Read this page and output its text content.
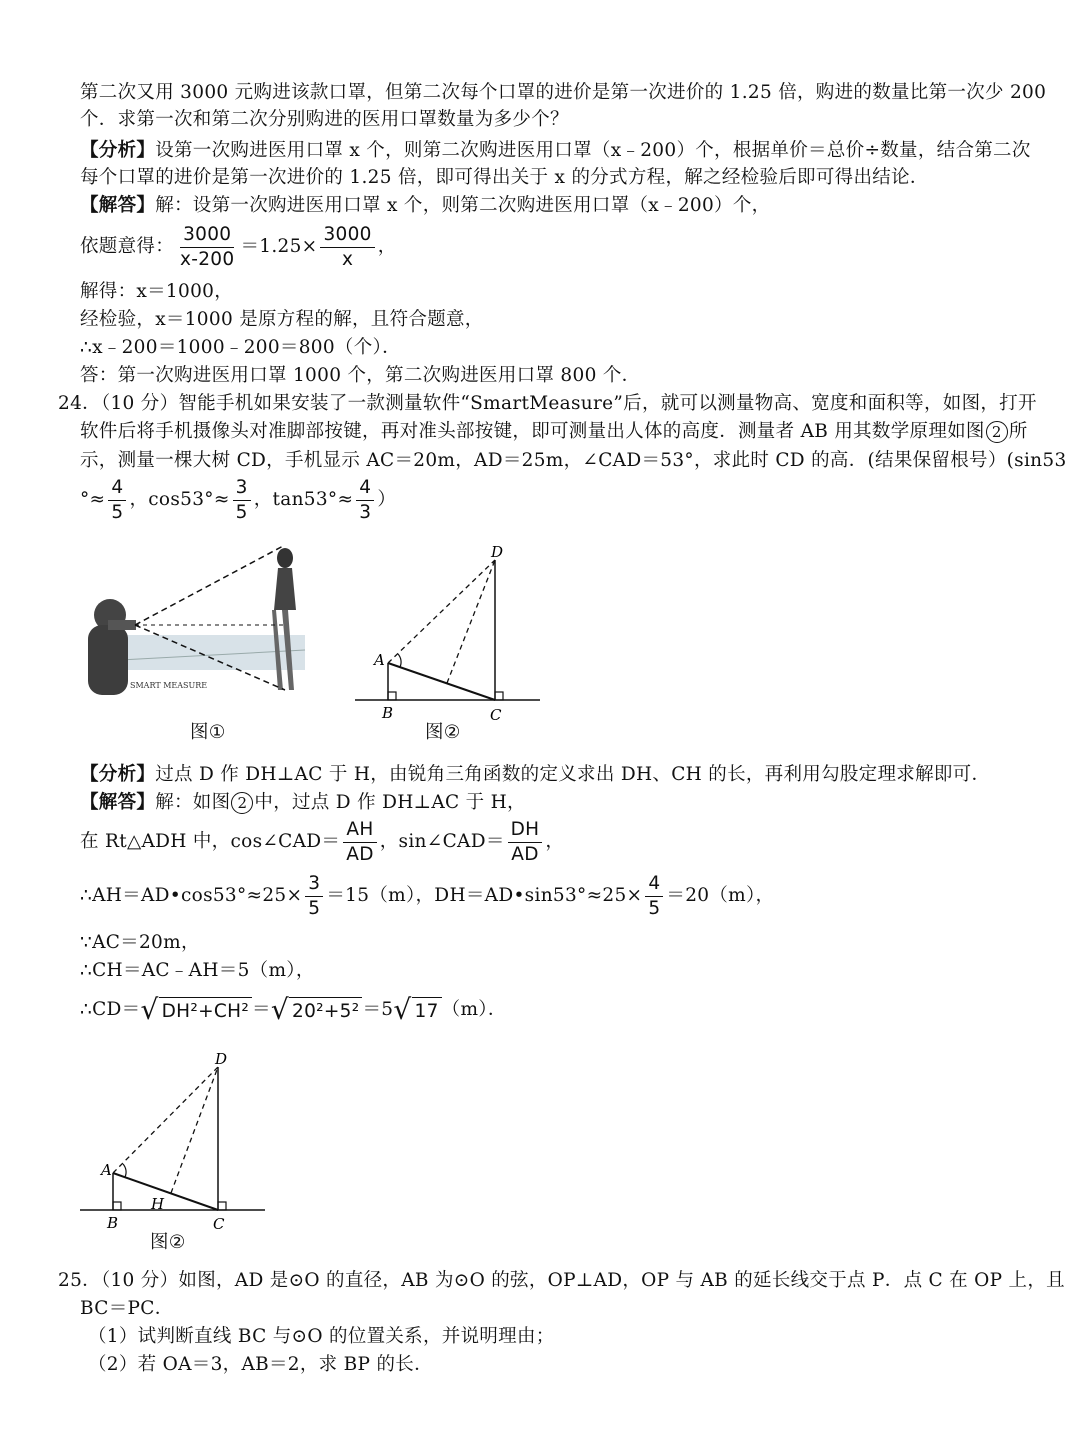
第二次又用 3000 元购进该款口罩，但第二次每个口罩的进价是第一次进价的 1.25 倍，购进的数量比第一次少 200
个．求第一次和第二次分别购进的医用口罩数量为多少个？
【分析】设第一次购进医用口罩 x 个，则第二次购进医用口罩（x﹣200）个，根据单价＝总价÷数量，结合第二次
每个口罩的进价是第一次进价的 1.25 倍，即可得出关于 x 的分式方程，解之经检验后即可得出结论．
【解答】解：设第一次购进医用口罩 x 个，则第二次购进医用口罩（x﹣200）个，
依题意得： $\frac{3000}{x-200} =1.25\times \frac{3000}{x}$ ，
解得：x＝1000，
经检验，x＝1000 是原方程的解，且符合题意，
∴x﹣200＝1000﹣200＝800（个）．
答：第一次购进医用口罩 1000 个，第二次购进医用口罩 800 个．
24．（10 分）智能手机如果安装了一款测量软件“SmartMeasure”后，就可以测量物高、宽度和面积等，如图，打开
软件后将手机摄像头对准脚部按键，再对准头部按键，即可测量出人体的高度．测量者 AB 用其数学原理如图 2 所
示，测量一棵大树 CD，手机显示 AC＝20m，AD＝25m，∠CAD＝53°，求此时 CD 的高．(结果保留根号）(sin53
°≈ $\frac{4}{5}$ ，$\cos 53^\circ\approx \frac{3}{5}$ ，$\tan 53^\circ\approx \frac{4}{3}$ ）
SMART MEASURE
图①
A
B	C
D
图②
【分析】过点 D 作 DH⊥AC 于 H，由锐角三角函数的定义求出 DH、CH 的长，再利用勾股定理求解即可．
【解答】解：如图 2 中，过点 D 作 DH⊥AC 于 H，
在 Rt△ADH 中，cos∠CAD＝ $\frac{AH}{AD}$ ，sin∠CAD＝ $\frac{DH}{AD}$ ，
∴AH＝AD•cos53°≈25× $\frac{3}{5} =15(m)$，DH＝AD•sin53°≈25× $\frac{4}{5} =20(m)$，
∵AC＝20m，
∴CH＝AC﹣AH＝5（m），
∴CD＝√ DH²+CH² ＝√ 20²+5² ＝5√ 17 （m）．
A
B
H
C
D
图②
25．（10 分）如图，AD 是⊙O 的直径，AB 为⊙O 的弦，OP⊥AD，OP 与 AB 的延长线交于点 P．点 C 在 OP 上，且
BC＝PC．
（1）试判断直线 BC 与⊙O 的位置关系，并说明理由；
（2）若 OA＝3，AB＝2，求 BP 的长．
